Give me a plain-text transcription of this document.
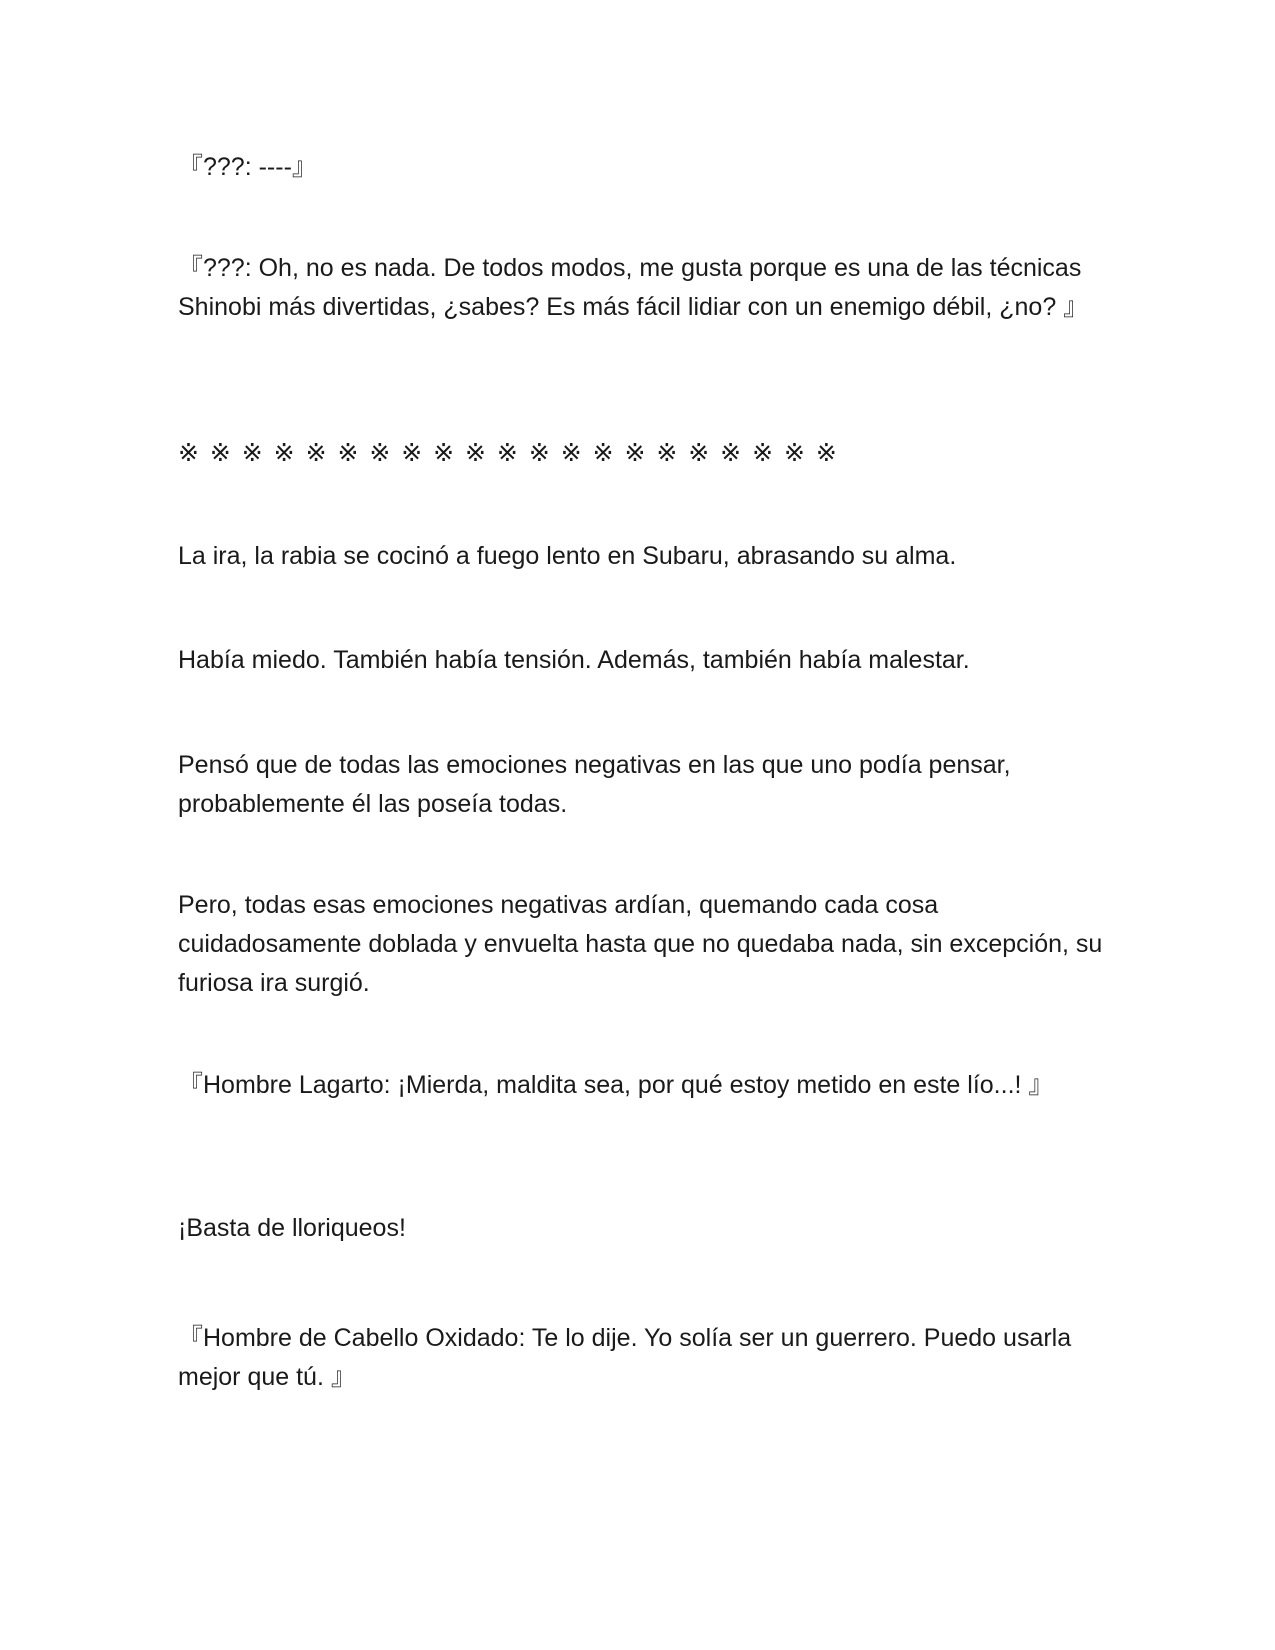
『???: ----』

『???: Oh, no es nada. De todos modos, me gusta porque es una de las técnicas Shinobi más divertidas, ¿sabes? Es más fácil lidiar con un enemigo débil, ¿no? 』

※ ※ ※ ※ ※ ※ ※ ※ ※ ※ ※ ※ ※ ※ ※ ※ ※ ※ ※ ※ ※

La ira, la rabia se cocinó a fuego lento en Subaru, abrasando su alma.

Había miedo. También había tensión. Además, también había malestar.

Pensó que de todas las emociones negativas en las que uno podía pensar, probablemente él las poseía todas.

Pero, todas esas emociones negativas ardían, quemando cada cosa cuidadosamente doblada y envuelta hasta que no quedaba nada, sin excepción, su furiosa ira surgió.

『Hombre Lagarto: ¡Mierda, maldita sea, por qué estoy metido en este lío...! 』

¡Basta de lloriqueos!

『Hombre de Cabello Oxidado: Te lo dije. Yo solía ser un guerrero. Puedo usarla mejor que tú. 』
